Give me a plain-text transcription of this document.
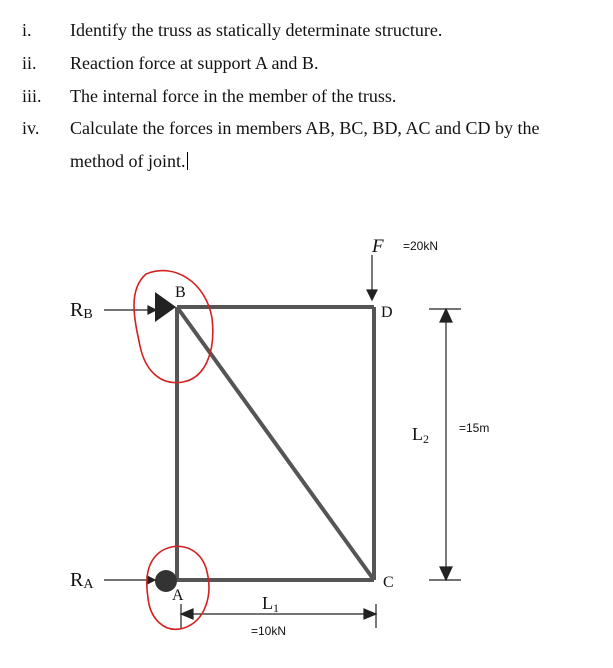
i. Identify the truss as statically determinate structure.
ii. Reaction force at support A and B.
iii. The internal force in the member of the truss.
iv. Calculate the forces in members AB, BC, BD, AC and CD by the
method of joint.
F =20kN
B
D
C
A
RB
RA
L2
=15m
L1
=10kN
